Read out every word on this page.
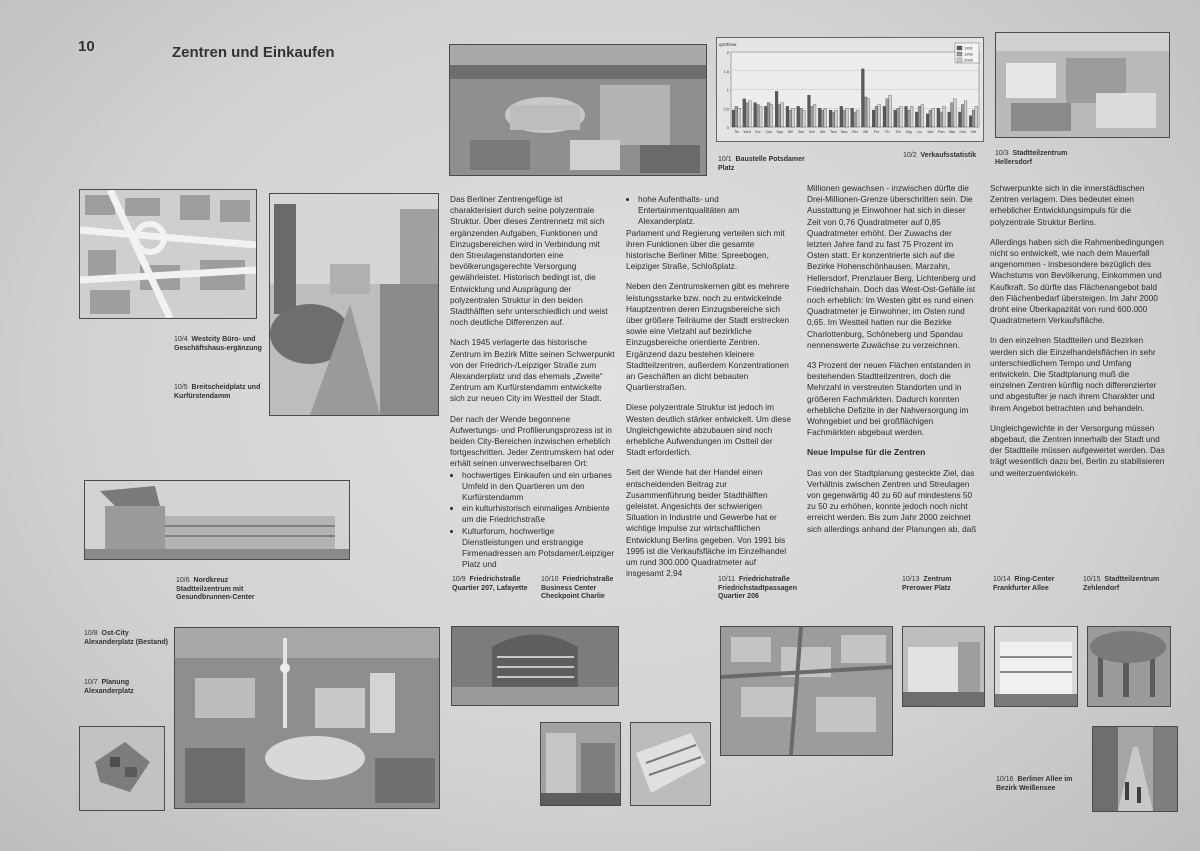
10	Zentren und Einkaufen
10/1 Baustelle Potsdamer Platz
0
0,5
1
1,5
2
qm/Einw.
Tie Wed Krz Cha Spa Wil Zeh Sch Ste Tem Neu Rei Mit Pre Fri Tre Köp Lic Wei Pan Mar Hoh Hel
1991
1993
2000
10/2 Verkaufsstatistik	10/3 Stadtteilzentrum Hellersdorf
10/4 Westcity Büro- und Geschäftshaus-ergänzung
10/5 Breitscheidplatz und Kurfürstendamm
10/6 Nordkreuz Stadtteilzentrum mit Gesundbrunnen-Center

Das Berliner Zentrengefüge ist charakterisiert durch seine polyzentrale Struktur. Über dieses Zentrennetz mit sich ergänzenden Aufgaben, Funktionen und Einzugsbereichen wird in Verbindung mit den Streulagenstandorten eine bevölkerungsgerechte Versorgung gewährleistet. Historisch bedingt ist, die Entwicklung und Ausprägung der polyzentralen Struktur in den beiden Stadthälften sehr unterschiedlich und weist noch deutliche Differenzen auf.

Nach 1945 verlagerte das historische Zentrum im Bezirk Mitte seinen Schwerpunkt von der Friedrich-/Leipziger Straße zum Alexanderplatz und das ehemals „Zweite“ Zentrum am Kurfürstendamm entwickelte sich zur neuen City im Westteil der Stadt.

Der nach der Wende begonnene Aufwertungs- und Profilierungsprozess ist in beiden City-Bereichen inzwischen erheblich fortgeschritten. Jeder Zentrumskern hat oder erhält seinen unverwechselbaren Ort:

• hochwertiges Einkaufen und ein urbanes Umfeld in den Quartieren um den Kurfürstendamm
• ein kulturhistorisch einmaliges Ambiente um die Friedrichstraße
• Kulturforum, hochwertige Dienstleistungen und erstrangige Firmenadressen am Potsdamer/Leipziger Platz und
• hohe Aufenthalts- und Entertainmentqualitäten am Alexanderplatz.

Parlament und Regierung verteilen sich mit ihren Funktionen über die gesamte historische Berliner Mitte: Spreebogen, Leipziger Straße, Schloßplatz.

Neben den Zentrumskernen gibt es mehrere leistungsstarke bzw. noch zu entwickelnde Hauptzentren deren Einzugsbereiche sich über größere Teilräume der Stadt erstrecken sowie eine Vielzahl auf bezirkliche Einzugsbereiche orientierte Zentren. Ergänzend dazu bestehen kleinere Stadtteilzentren, außerdem Konzentrationen an Geschäften an dicht bebauten Quartierstraßen.

Diese polyzentrale Struktur ist jedoch im Westen deutlich stärker entwickelt. Um diese Ungleichgewichte abzubauen sind noch erhebliche Aufwendungen im Ostteil der Stadt erforderlich.

Seit der Wende hat der Handel einen entscheidenden Beitrag zur Zusammenführung beider Stadthälften geleistet. Angesichts der schwierigen Situation in Industrie und Gewerbe hat er wichtige Impulse zur wirtschaftlichen Entwicklung Berlins gegeben. Von 1991 bis 1995 ist die Verkaufsfläche im Einzelhandel um rund 300.000 Quadratmeter auf insgesamt 2,94

Millionen gewachsen - inzwischen dürfte die Drei-Millionen-Grenze überschritten sein. Die Ausstattung je Einwohner hat sich in dieser Zeit von 0,76 Quadratmeter auf 0,85 Quadratmeter erhöht. Der Zuwachs der letzten Jahre fand zu fast 75 Prozent im Osten statt. Er konzentrierte sich auf die Bezirke Hohenschönhausen, Marzahn, Hellersdorf, Prenzlauer Berg, Lichtenberg und Friedrichshain. Doch das West-Ost-Gefälle ist noch erheblich: Im Westen gibt es rund einen Quadratmeter je Einwohner, im Osten rund 0,65. Im Westteil hatten nur die Bezirke Charlottenburg, Schöneberg und Spandau nennenswerte Zuwächse zu verzeichnen.

43 Prozent der neuen Flächen entstanden in bestehenden Stadtteilzentren, doch die Mehrzahl in verstreuten Standorten und in größeren Fachmärkten. Dadurch konnten erhebliche Defizite in der Nahversorgung im Wohngebiet und bei großflächigen Fachmärkten abgebaut werden.

Neue Impulse für die Zentren

Das von der Stadtplanung gesteckte Ziel, das Verhältnis zwischen Zentren und Streulagen von gegenwärtig 40 zu 60 auf mindestens 50 zu 50 zu erhöhen, konnte jedoch noch nicht erreicht werden. Bis zum Jahr 2000 zeichnet sich allerdings anhand der Planungen ab, daß

Schwerpunkte sich in die innerstädtischen Zentren verlagern. Dies bedeutet einen erheblicher Entwicklungsimpuls für die polyzentrale Struktur Berlins.

Allerdings haben sich die Rahmenbedingungen nicht so entwickelt, wie nach dem Mauerfall angenommen - insbesondere bezüglich des Wachstums von Bevölkerung, Einkommen und Kaufkraft. So dürfte das Flächenangebot bald den Flächenbedarf übersteigen. Im Jahr 2000 droht eine Überkapazität von rund 600.000 Quadratmetern Verkaufsfläche.

In den einzelnen Stadtteilen und Bezirken werden sich die Einzelhandelsflächen in sehr unterschiedlichem Tempo und Umfang entwickeln. Die Stadtplanung muß die einzelnen Zentren künftig noch differenzierter und abgestufter je nach ihrem Charakter und ihrem Angebot betrachten und behandeln.

Ungleichgewichte in der Versorgung müssen abgebaut, die Zentren innerhalb der Stadt und der Stadtteile müssen aufgewertet werden. Das trägt wesentlich dazu bei, Berlin zu stabilisieren und weiterzuentwickeln.

10/9 Friedrichstraße Quartier 207, Lafayette
10/10 Friedrichstraße Business Center Checkpoint Charlie
10/11 Friedrichstraße Friedrichstadtpassagen Quartier 206
10/13 Zentrum Prerower Platz
10/14 Ring-Center Frankfurter Allee
10/15 Stadtteilzentrum Zehlendorf
10/8 Ost-City Alexanderplatz (Bestand)
10/7 Planung Alexanderplatz
10/16 Berliner Allee im Bezirk Weißensee
